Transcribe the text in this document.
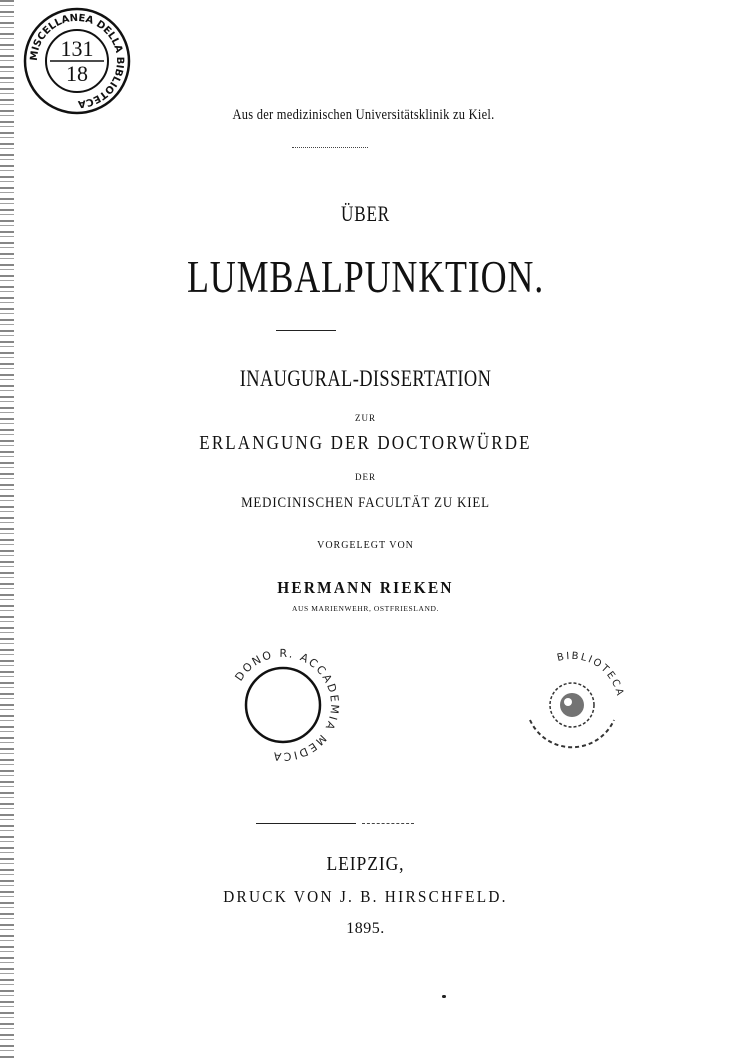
MISCELLANEA DELLA BIBLIOTECA
131
18
Aus der medizinischen Universitätsklinik zu Kiel.
ÜBER
LUMBALPUNKTION.
INAUGURAL-DISSERTATION
ZUR
ERLANGUNG DER DOCTORWÜRDE
DER
MEDICINISCHEN FACULTÄT ZU KIEL
VORGELEGT VON
HERMANN RIEKEN
AUS MARIENWEHR, OSTFRIESLAND.
DONO R. ACCADEMIA MEDICA
BIBLIOTECA
LEIPZIG,
DRUCK VON J. B. HIRSCHFELD.
1895.
